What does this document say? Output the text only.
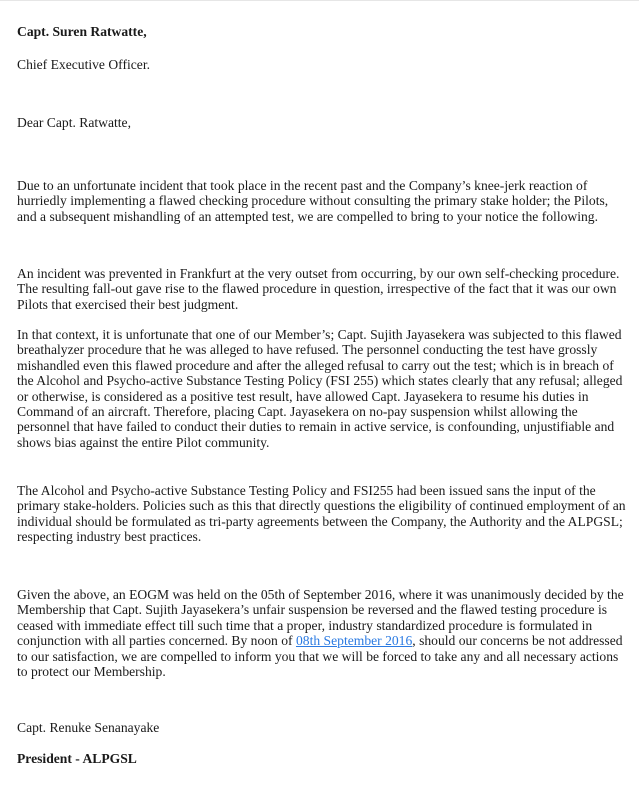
Capt. Suren Ratwatte,

Chief Executive Officer.

Dear Capt. Ratwatte,

Due to an unfortunate incident that took place in the recent past and the Company’s knee-jerk reaction of hurriedly implementing a flawed checking procedure without consulting the primary stake holder; the Pilots, and a subsequent mishandling of an attempted test, we are compelled to bring to your notice the following.

An incident was prevented in Frankfurt at the very outset from occurring, by our own self-checking procedure. The resulting fall-out gave rise to the flawed procedure in question, irrespective of the fact that it was our own Pilots that exercised their best judgment.

In that context, it is unfortunate that one of our Member’s; Capt. Sujith Jayasekera was subjected to this flawed breathalyzer procedure that he was alleged to have refused. The personnel conducting the test have grossly mishandled even this flawed procedure and after the alleged refusal to carry out the test; which is in breach of the Alcohol and Psycho-active Substance Testing Policy (FSI 255) which states clearly that any refusal; alleged or otherwise, is considered as a positive test result, have allowed Capt. Jayasekera to resume his duties in Command of an aircraft. Therefore, placing Capt. Jayasekera on no-pay suspension whilst allowing the personnel that have failed to conduct their duties to remain in active service, is confounding, unjustifiable and shows bias against the entire Pilot community.

The Alcohol and Psycho-active Substance Testing Policy and FSI255 had been issued sans the input of the primary stake-holders. Policies such as this that directly questions the eligibility of continued employment of an individual should be formulated as tri-party agreements between the Company, the Authority and the ALPGSL; respecting industry best practices.

Given the above, an EOGM was held on the 05th of September 2016, where it was unanimously decided by the Membership that Capt. Sujith Jayasekera’s unfair suspension be reversed and the flawed testing procedure is ceased with immediate effect till such time that a proper, industry standardized procedure is formulated in conjunction with all parties concerned. By noon of 08th September 2016, should our concerns be not addressed to our satisfaction, we are compelled to inform you that we will be forced to take any and all necessary actions to protect our Membership.

Capt. Renuke Senanayake

President - ALPGSL
